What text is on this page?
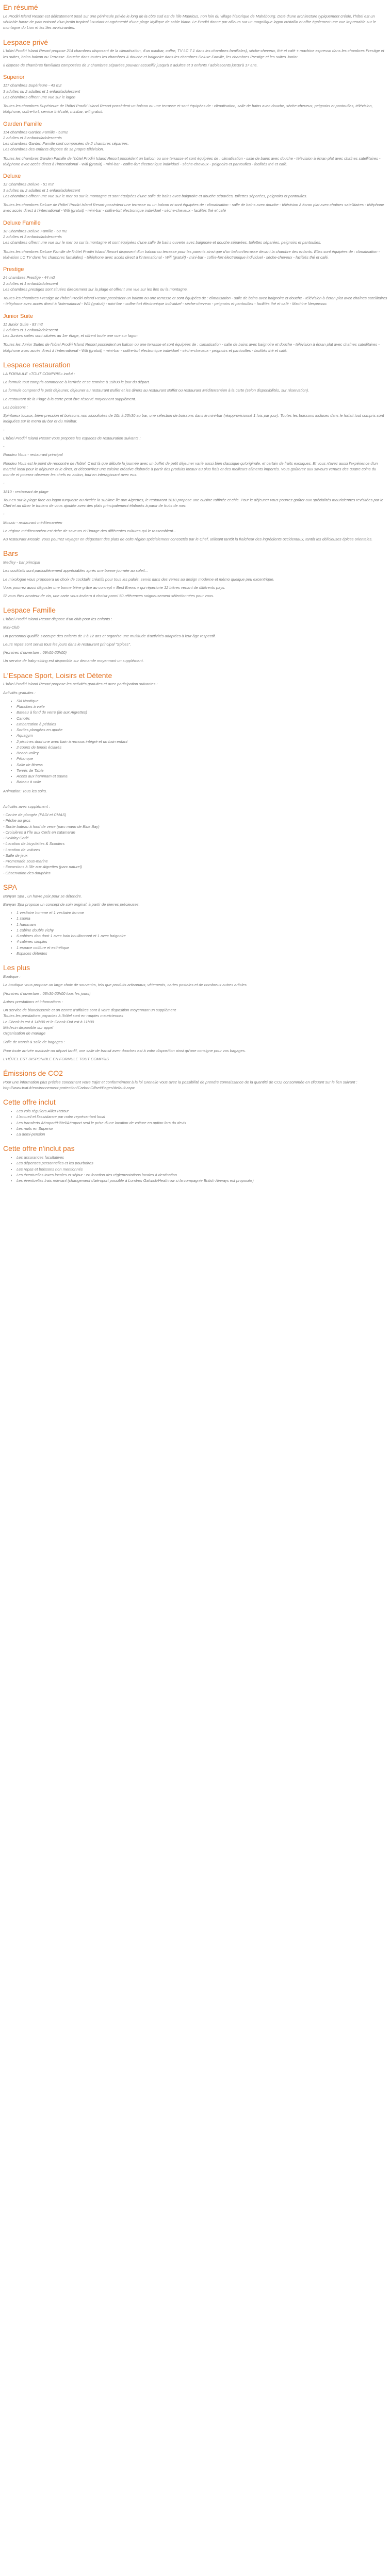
En résumé

Le Prodiri Island Resort est délicatement posé sur une péninsule privée le long de la côte sud est de l'île Mauricus, non loin du village historique de Mahébourg. Doté d'une architecture typiquement créole, l'hôtel est un véritable havre de paix entouré d'un jardin tropical luxuriant et agrémenté d'une plage idyllique de sable blanc. Le Prodiri donne par ailleurs sur un magnifique lagon cristallin et offre également une vue imprenable sur le montagne du Lion et les îles avoisinantes.

Lespace privé

L'hôtel Prodiri Island Resort propose 214 chambres disposant de la climatisation, d'un minibar, coffre, TV LC 7.1 dans les chambres familiales), sèche-cheveux, thé et café + machine expresso dans les chambres Prestige et les suites, bains balcon ou Terrasse. Douche dans toutes les chambres & douche et baignoire dans les chambres Deluxe Famille, les chambres Prestige et les suites Junior.

Il dispose de chambres familiales composées de 2 chambres séparées pouvant accueillir jusqu'à 2 adultes et 3 enfants / adolescents jusqu'à 17 ans.

Superior

117 chambres Supérieure - 43 m2

3 adultes ou 2 adultes et 1 enfant/adolescent

Les chambres offrent une vue sur le lagon

Toutes les chambres Supérieure de l'hôtel Prodiri Island Resort possèdent un balcon ou une terrasse et sont équipées de : climatisation, salle de bains avec douche, sèche-cheveux, peignoirs et pantoufles, télévision, téléphone, coffre-fort, service thé/café, minibar, wifi gratuit.

Garden Famille

114 chambres Garden Famille - 53m2

2 adultes et 3 enfants/adolescents

Les chambres Garden Famille sont composées de 2 chambres séparées.

Les chambres des enfants dispose de sa propre télévision.

Toutes les chambres Garden Famille de l'hôtel Prodiri Island Resort possèdent un balcon ou une terrasse et sont équipées de : climatisation - salle de bains avec douche - télévision à écran plat avec chaînes satellitaires - téléphone avec accès direct à l'international - Wifi (gratuit) - mini-bar - coffre-fort électronique individuel - sèche-cheveux - peignoirs et pantoufles - facilités thé et café.

Deluxe

12 Chambres Deluxe - 51 m2

3 adultes ou 2 adultes et 1 enfant/adolescent

Les chambres offrent une vue sur le mer ou sur la montagne et sont équipées d'une salle de bains avec baignoire et douche séparées, toilettes séparées, peignoirs et pantoufles.

Toutes les chambres Deluxe de l'hôtel Prodiri Island Resort possèdent une terrasse ou un balcon et sont équipées de : climatisation - salle de bains avec douche - télévision à écran plat avec chaînes satellitaires - téléphone avec accès direct à l'international - Wifi (gratuit) - mini-bar - coffre-fort électronique individuel - sèche-cheveux - facilités thé et café

Deluxe Famille

18 Chambres Deluxe Famille - 58 m2

2 adultes et 3 enfants/adolescents

Les chambres offrent une vue sur le mer ou sur la montagne et sont équipées d'une salle de bains ouverte avec baignoire et douche séparées, toilettes séparées, peignoirs et pantoufles.

Toutes les chambres Deluxe Famille de l'hôtel Prodiri Island Resort disposent d'un balcon ou terrasse pour les parents ainsi que d'un balcon/terrasse devant la chambre des enfants. Elles sont équipées de : climatisation - télévision LC TV dans les chambres familiales) - téléphone avec accès direct à l'international - Wifi (gratuit) - mini-bar - coffre-fort électronique individuel - sèche-cheveux - facilités thé et café.

Prestige

24 chambres Prestige - 44 m2

2 adultes et 1 enfant/adolescent

Les chambres prestiges sont situées directement sur la plage et offrent une vue sur les îles ou la montagne.

Toutes les chambres Prestige de l'hôtel Prodiri Island Resort possèdent un balcon ou une terrasse et sont équipées de : climatisation - salle de bains avec baignoire et douche - télévision à écran plat avec chaînes satellitaires - téléphone avec accès direct à l'international - Wifi (gratuit) - mini-bar - coffre-fort électronique individuel - sèche-cheveux - peignoirs et pantoufles - facilités thé et café - Machine Nespresso.

Junior Suite

11 Junior Suite - 83 m2

2 adultes et 1 enfant/adolescent

Les Juniors suites sont situées au 1er étage, et offrent toute une vue sur lagon.

Toutes les Junior Suites de l'hôtel Prodiri Island Resort possèdent un balcon ou une terrasse et sont équipées de : climatisation - salle de bains avec baignoire et douche - télévision à écran plat avec chaînes satellitaires - téléphone avec accès direct à l'international - Wifi (gratuit) - mini-bar - coffre-fort électronique individuel - sèche-cheveux - peignoirs et pantoufles - facilités thé et café.

Lespace restauration

LA FORMULE «TOUT COMPRIS» inclut :

La formule tout compris commence à l'arrivée et se termine à 15h00 le jour du départ.

La formule comprend le petit déjeuner, déjeuner au restaurant Buffet et les diners au restaurant Buffet ou restaurant Méditerranéen à la carte (selon disponibilités, sur réservation).

Le restaurant de la Plage à la carte peut être réservé moyennant supplément.

Les boissons :

Spiritueux locaux, bière pression et boissons non alcoolisées de 10h à 23h30 au bar, une sélection de boissons dans le mini-bar (réapprovisionné 1 fois par jour). Toutes les boissons incluses dans le forfait tout compris sont indiquées sur le menu du bar et du minibar.

-

L'hôtel Prodiri Island Resort vous propose les espaces de restauration suivants :

-

Rondeu Vous - restaurant principal

Rondeu Vous est le point de rencontre de l'hôtel. C'est là que débute la journée avec un buffet de petit déjeuner varié aussi bien classique qu'originale, et certain de fruits exotiques. Et vous n'avez aussi l'expérience d'un marché local pour le déjeuner et le diner, et découvrirez une cuisine créative élaborée à partir des produits locaux au plus frais et des meilleurs aliments importés. Vous goûterez aux saveurs venues des quatre coins du monde et pourrez observer les chefs en action, tout en interagissant avec eux.

-

1810 - restaurant de plage

Tout en sur la plage face au lagon turquoise au rivelée la sublime île aux Aigrettes, le restaurant 1810 propose une cuisine raffinée et chic. Pour le déjeuner vous pourrez goûter aux spécialités mauriciennes revisitées par le Chef et au dîner le tonteru de vous ajoutée avec des plats principalement élaborés à partir de fruits de mer.

-

Mosaic - restaurant méditerranéen

Le régime méditerranéen est riche de saveurs et l'image des différentes cultures qui le rassemblent...

Au restaurant Mosaic, vous pourrez voyager en dégustant des plats de celte région spécialement concoctés par le Chef, utilisant tantôt la fraîcheur des ingrédients occidentaux, tantôt les délicieuses épices orientales.

Bars

Medley - bar principal

Les cocktails sont particulièrement appréciables après une bonne journée au soleil...

Le mixologue vous proposera un choix de cocktails créatifs pour tous les palais, servis dans des verres au design moderne et mémo quelque peu excentrique.

Vous pourrez aussi déguster une bonne bière grâce au concept « Best Brews » qui répertorie 12 bières venant de différents pays.

Si vous êtes amateur de vin, une carte vous invitera à choisir parmi 50 références soigneusement sélectionnées pour vous.

Lespace Famille

L'hôtel Prodiri Island Resort dispose d'un club pour les enfants :

Mini-Club

Un personnel qualifié s'occupe des enfants de 3 à 12 ans et organise une multitude d'activités adaptées à leur âge respectif.

Leurs repas sont servis tous les jours dans le restaurant principal "Spices".

(Horaires d'ouverture : 09h00-20h00)

Un service de baby-sitting est disponible sur demande moyennant un supplément.

L'Espace Sport, Loisirs et Détente

L'hôtel Prodiri Island Resort propose les activités gratuites et avec participation suivantes :

Activités gratuites :

• Ski Nautique
• Planches à voile
• Bateau à fond de verre (île aux Aigrettes)
• Canoës
• Embarcation à pédales
• Sorties plongées en apnée
• Aquagym
• 2 piscines dont une avec bain à remous intégré et un bain enfant
• 2 courts de tennis éclairés
• Beach-volley
• Pétanque
• Salle de fitness
• Tennis de Table
• Accès aux hammam et sauna
• Bateau à voile

Animation: Tous les soirs.

Activités avec supplément :

- Centre de plongée (PADI et CMAS)

- Pêche au gros

- Sortie bateau à fond de verre (parc marin de Blue Bay)

- Croisières à l'île aux Cerfs en catamaran

- Holiday Catfé

- Location de bicyclettes & Scooters

- Location de voitures

- Salle de jeux

- Promenade sous-marine

- Excursions à l'île aux Aigrettes (parc naturel)

- Observation des dauphins

SPA

Banyan Spa , un havre paix pour se détendre.

Banyan Spa propose un concept de soin original, à partir de pierres précieuses.

• 1 vestiaire homme et 1 vestiaire femme
• 1 sauna
• 1 hammam
• 1 cabine double vichy
• 6 cabines doo dont 1 avec bain bouillonnant et 1 avec baignoire
• 4 cabines simples
• 1 espace coiffure et esthétique
• Espaces détentes
Les plus

Boutique :

La boutique vous propose un large choix de souvenirs, tels que produits artisanaux, vêtements, cartes postales et de nombreux autres articles.

(Horaires d'ouverture : 08h30-20h00 tous les jours)

Autres prestations et informations :

Un service de blanchisserie et un centre d'affaires sont à votre disposition moyennant un supplément

Toutes les prestations payantes à l'hôtel sont en roupies mauriciennes

Le Check-in est à 14h00 et le Check-Out est à 11h00

Médecin disponible sur appel

Organisation de mariage

Salle de transit & salle de bagages :

Pour toute arrivée matinale ou départ tardif, une salle de transit avec douches est à votre disposition ainsi qu'une consigne pour vos bagages.

L'HÔTEL EST DISPONIBLE EN FORMULE TOUT COMPRIS

Émissions de CO2

Pour une information plus précise concernant votre trajet et conformément à la loi Grenelle vous avez la possibilité de prendre connaissance de la quantité de CO2 consommée en cliquant sur le lien suivant : http://www.tvat.fr/environnement-protection/CarbonOffset/Pages/default.aspx

Cette offre inclut
• Les vols réguliers Allier Retour
• L'accueil et l'assistance par notre représentant local
• Les transferts Aéroport/Hôtel/Aéroport seul le prise d'une location de voiture en option lors du devis
• Les nuits en Superior
• La demi-pension
Cette offre n'inclut pas
• Les assurances facultatives
• Les dépenses personnelles et les pourboires
• Les repas et boissons non mentionnés
• Les éventuelles taxes locales et séjour : en fonction des réglementations locales à destination
• Les éventuelles frais relevant (changement d'aéroport possible à Londres Gatwick/Heathrow si la compagnie British Airways est proposée)
